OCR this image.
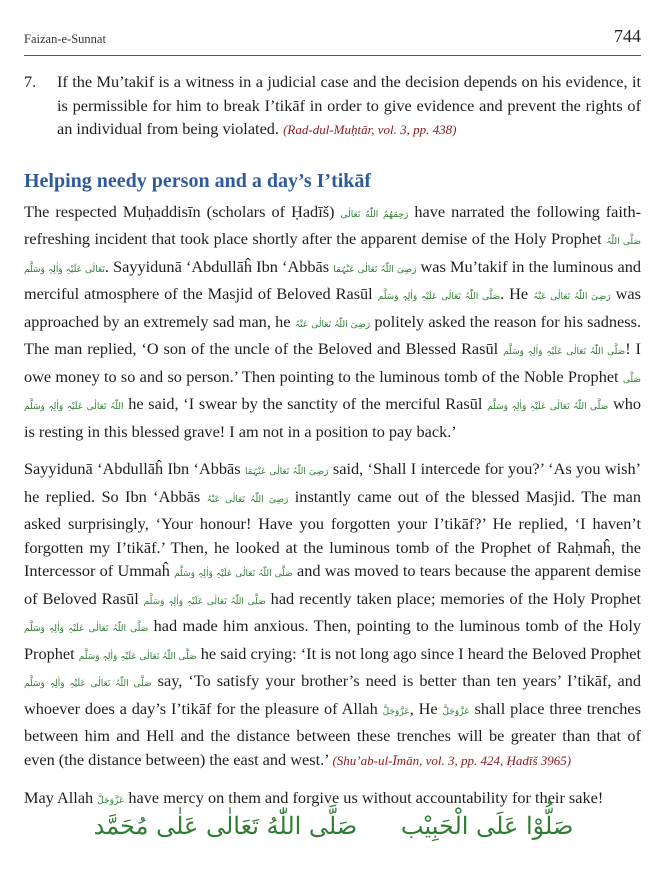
Faizan-e-Sunnat	744
7.	If the Mu’takif is a witness in a judicial case and the decision depends on his evidence, it is permissible for him to break I’tikāf in order to give evidence and prevent the rights of an individual from being violated. (Rad-dul-Muḥtār, vol. 3, pp. 438)
Helping needy person and a day’s I’tikāf

The respected Muḥaddisīn (scholars of Ḥadīš) رَحِمَهُمُ اللّٰهُ تَعَالٰی have narrated the following faith-refreshing incident that took place shortly after the apparent demise of the Holy Prophet صَلَّی اللّٰہُ تَعَالٰی عَلَیْہِ وَاٰلِہٖ وَسَلَّم. Sayyidunā ‘Abdullāĥ Ibn ‘Abbās رَضِیَ اللّٰہُ تَعَالٰی عَنْہُمَا was Mu’takif in the luminous and merciful atmosphere of the Masjid of Beloved Rasūl صَلَّی اللّٰہُ تَعَالٰی عَلَیْہِ وَاٰلِہٖ وَسَلَّم. He رَضِیَ اللّٰہُ تَعَالٰی عَنْہُ was approached by an extremely sad man, he رَضِیَ اللّٰہُ تَعَالٰی عَنْہُ politely asked the reason for his sadness. The man replied, ‘O son of the uncle of the Beloved and Blessed Rasūl صَلَّی اللّٰہُ تَعَالٰی عَلَیْہِ وَاٰلِہٖ وَسَلَّم! I owe money to so and so person.’ Then pointing to the luminous tomb of the Noble Prophet صَلَّی اللّٰہُ تَعَالٰی عَلَیْہِ وَاٰلِہٖ وَسَلَّم he said, ‘I swear by the sanctity of the merciful Rasūl صَلَّی اللّٰہُ تَعَالٰی عَلَیْہِ وَاٰلِہٖ وَسَلَّم who is resting in this blessed grave! I am not in a position to pay back.’

Sayyidunā ‘Abdullāĥ Ibn ‘Abbās رَضِیَ اللّٰہُ تَعَالٰی عَنْہُمَا said, ‘Shall I intercede for you?’ ‘As you wish’ he replied. So Ibn ‘Abbās رَضِیَ اللّٰہُ تَعَالٰی عَنْہُ instantly came out of the blessed Masjid. The man asked surprisingly, ‘Your honour! Have you forgotten your I’tikāf?’ He replied, ‘I haven’t forgotten my I’tikāf.’ Then, he looked at the luminous tomb of the Prophet of Raḥmaĥ, the Intercessor of Ummaĥ صَلَّی اللّٰہُ تَعَالٰی عَلَیْہِ وَاٰلِہٖ وَسَلَّم and was moved to tears because the apparent demise of Beloved Rasūl صَلَّی اللّٰہُ تَعَالٰی عَلَیْہِ وَاٰلِہٖ وَسَلَّم had recently taken place; memories of the Holy Prophet صَلَّی اللّٰہُ تَعَالٰی عَلَیْہِ وَاٰلِہٖ وَسَلَّم had made him anxious. Then, pointing to the luminous tomb of the Holy Prophet صَلَّی اللّٰہُ تَعَالٰی عَلَیْہِ وَاٰلِہٖ وَسَلَّم he said crying: ‘It is not long ago since I heard the Beloved Prophet صَلَّی اللّٰہُ تَعَالٰی عَلَیْہِ وَاٰلِہٖ وَسَلَّم say, ‘To satisfy your brother’s need is better than ten years’ I’tikāf, and whoever does a day’s I’tikāf for the pleasure of Allah عَزَّوَجَلَّ, He عَزَّوَجَلَّ shall place three trenches between him and Hell and the distance between these trenches will be greater than that of even (the distance between) the east and west.’ (Shu’ab-ul-Īmān, vol. 3, pp. 424, Ḥadīš 3965)

May Allah عَزَّوَجَلَّ have mercy on them and forgive us without accountability for their sake!

صَلُّوْا عَلَی الْحَبِیْب صَلَّی اللّٰهُ تَعَالٰی عَلٰی مُحَمَّد
